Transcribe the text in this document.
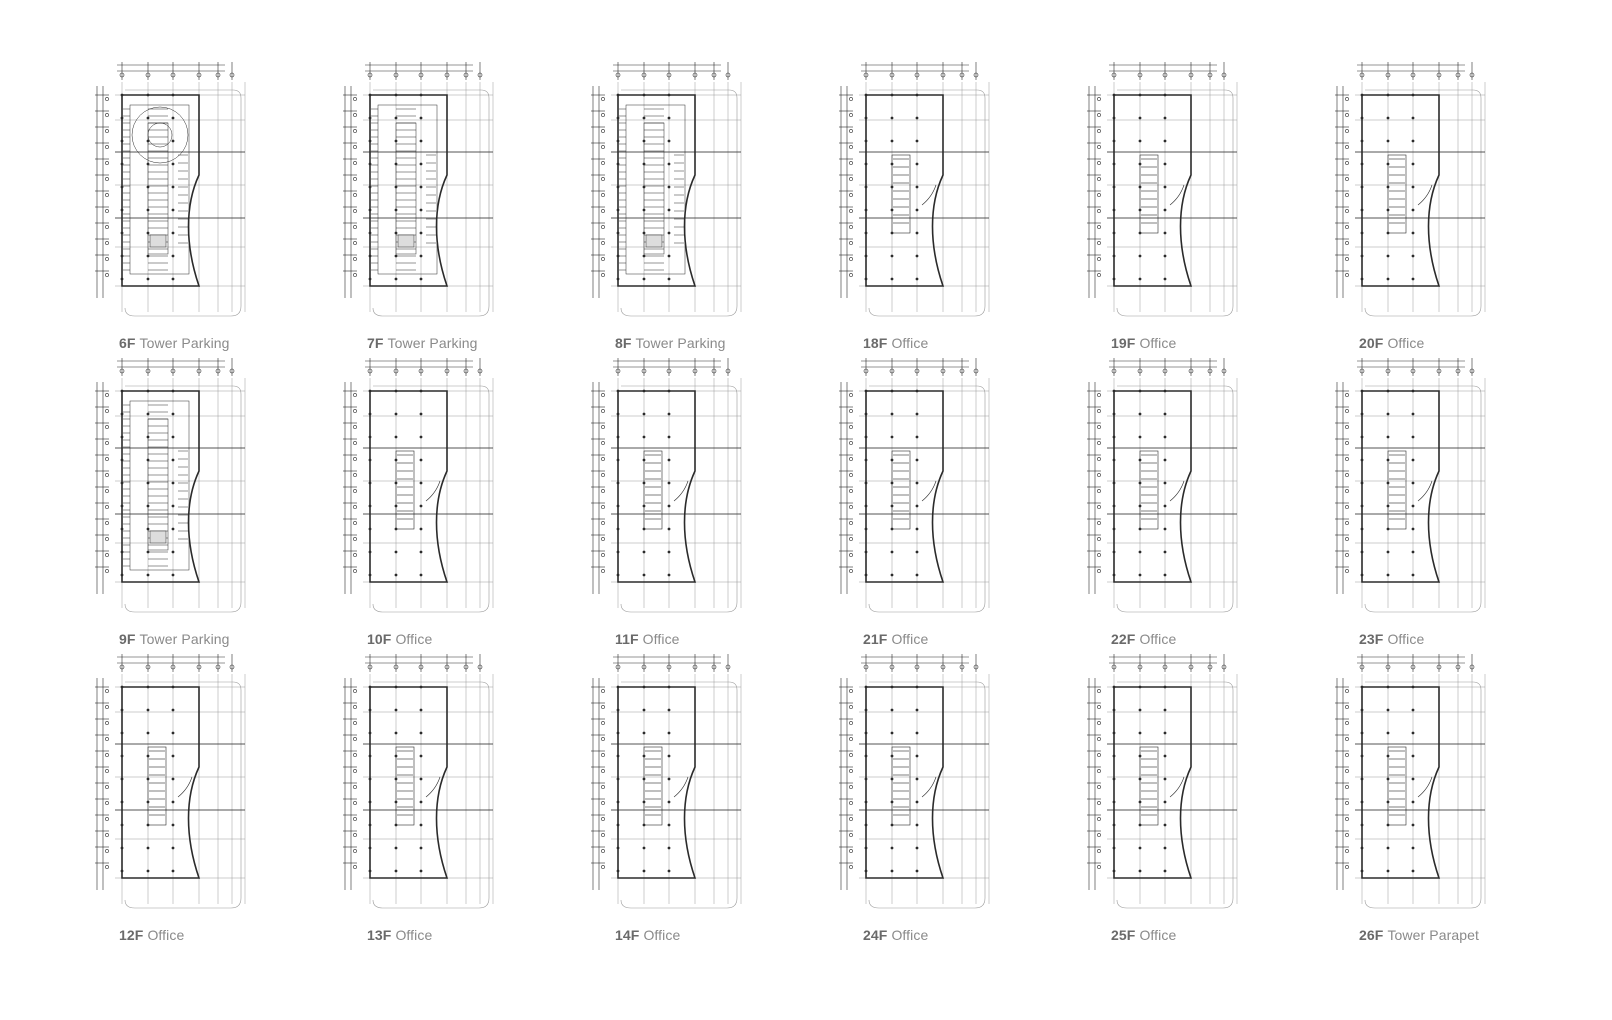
6F Tower Parking	7F Tower Parking	8F Tower Parking	18F Office	19F Office	20F Office
9F Tower Parking	10F Office	11F Office	21F Office	22F Office	23F Office
12F Office	13F Office	14F Office	24F Office	25F Office	26F Tower Parapet
